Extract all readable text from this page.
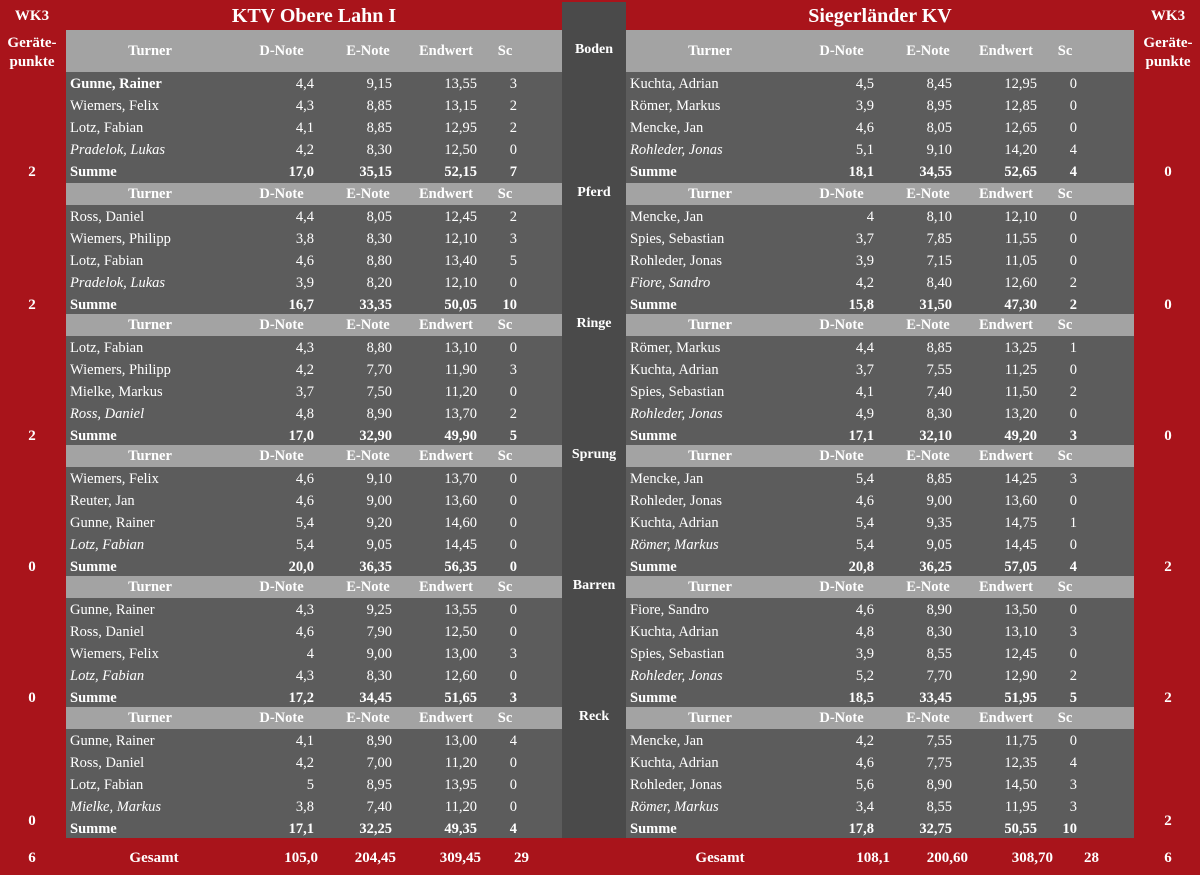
WK3	KTV Obere Lahn I	Siegerländer KV	WK3
Geräte-
punkte
Geräte-
punkte
Turner	D-Note	E-Note	Endwert	Sc
Gunne, Rainer	4,4	9,15	13,55	3
Wiemers, Felix	4,3	8,85	13,15	2
Lotz, Fabian	4,1	8,85	12,95	2
Pradelok, Lukas	4,2	8,30	12,50	0
Summe	17,0	35,15	52,15	7
Turner	D-Note	E-Note	Endwert	Sc
Kuchta, Adrian	4,5	8,45	12,95	0
Römer, Markus	3,9	8,95	12,85	0
Mencke, Jan	4,6	8,05	12,65	0
Rohleder, Jonas	5,1	9,10	14,20	4
Summe	18,1	34,55	52,65	4
Boden
2	0
Turner	D-Note	E-Note	Endwert	Sc
Ross, Daniel	4,4	8,05	12,45	2
Wiemers, Philipp	3,8	8,30	12,10	3
Lotz, Fabian	4,6	8,80	13,40	5
Pradelok, Lukas	3,9	8,20	12,10	0
Summe	16,7	33,35	50,05	10
Turner	D-Note	E-Note	Endwert	Sc
Mencke, Jan	4	8,10	12,10	0
Spies, Sebastian	3,7	7,85	11,55	0
Rohleder, Jonas	3,9	7,15	11,05	0
Fiore, Sandro	4,2	8,40	12,60	2
Summe	15,8	31,50	47,30	2
Pferd
2	0
Turner	D-Note	E-Note	Endwert	Sc
Lotz, Fabian	4,3	8,80	13,10	0
Wiemers, Philipp	4,2	7,70	11,90	3
Mielke, Markus	3,7	7,50	11,20	0
Ross, Daniel	4,8	8,90	13,70	2
Summe	17,0	32,90	49,90	5
Turner	D-Note	E-Note	Endwert	Sc
Römer, Markus	4,4	8,85	13,25	1
Kuchta, Adrian	3,7	7,55	11,25	0
Spies, Sebastian	4,1	7,40	11,50	2
Rohleder, Jonas	4,9	8,30	13,20	0
Summe	17,1	32,10	49,20	3
Ringe
2	0
Turner	D-Note	E-Note	Endwert	Sc
Wiemers, Felix	4,6	9,10	13,70	0
Reuter, Jan	4,6	9,00	13,60	0
Gunne, Rainer	5,4	9,20	14,60	0
Lotz, Fabian	5,4	9,05	14,45	0
Summe	20,0	36,35	56,35	0
Turner	D-Note	E-Note	Endwert	Sc
Mencke, Jan	5,4	8,85	14,25	3
Rohleder, Jonas	4,6	9,00	13,60	0
Kuchta, Adrian	5,4	9,35	14,75	1
Römer, Markus	5,4	9,05	14,45	0
Summe	20,8	36,25	57,05	4
Sprung
0	2
Turner	D-Note	E-Note	Endwert	Sc
Gunne, Rainer	4,3	9,25	13,55	0
Ross, Daniel	4,6	7,90	12,50	0
Wiemers, Felix	4	9,00	13,00	3
Lotz, Fabian	4,3	8,30	12,60	0
Summe	17,2	34,45	51,65	3
Turner	D-Note	E-Note	Endwert	Sc
Fiore, Sandro	4,6	8,90	13,50	0
Kuchta, Adrian	4,8	8,30	13,10	3
Spies, Sebastian	3,9	8,55	12,45	0
Rohleder, Jonas	5,2	7,70	12,90	2
Summe	18,5	33,45	51,95	5
Barren
0	2
Turner	D-Note	E-Note	Endwert	Sc
Gunne, Rainer	4,1	8,90	13,00	4
Ross, Daniel	4,2	7,00	11,20	0
Lotz, Fabian	5	8,95	13,95	0
Mielke, Markus	3,8	7,40	11,20	0
Summe	17,1	32,25	49,35	4
Turner	D-Note	E-Note	Endwert	Sc
Mencke, Jan	4,2	7,55	11,75	0
Kuchta, Adrian	4,6	7,75	12,35	4
Rohleder, Jonas	5,6	8,90	14,50	3
Römer, Markus	3,4	8,55	11,95	3
Summe	17,8	32,75	50,55	10
Reck
0	2
6	Gesamt	105,0	204,45	309,45	29	Gesamt	108,1	200,60	308,70	28	6
